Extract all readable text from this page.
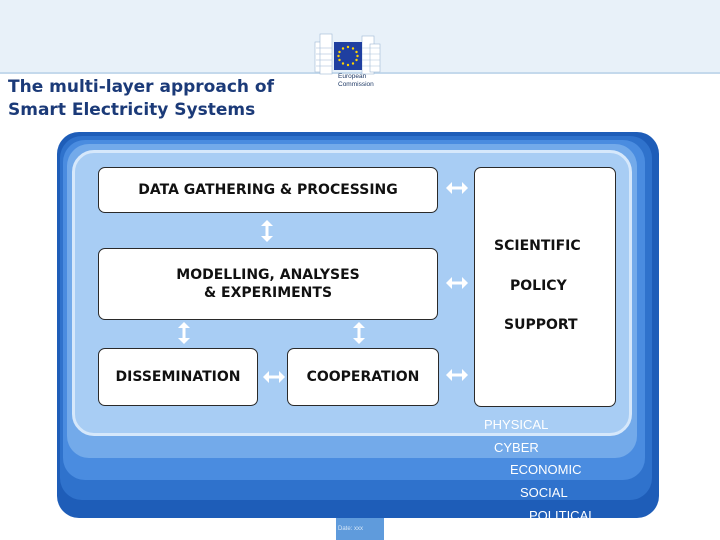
European
Commission
The multi-layer approach of
Smart Electricity Systems
DATA GATHERING & PROCESSING
MODELLING, ANALYSES
& EXPERIMENTS
DISSEMINATION	COOPERATION
SCIENTIFIC
POLICY
SUPPORT
PHYSICAL
CYBER
ECONOMIC
SOCIAL
POLITICAL
Date: xxx
